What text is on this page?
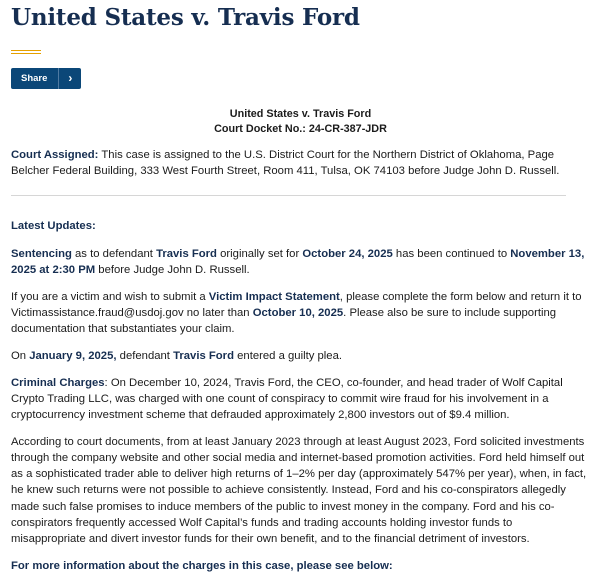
United States v. Travis Ford
Share	›
United States v. Travis Ford
Court Docket No.: 24-CR-387-JDR

Court Assigned: This case is assigned to the U.S. District Court for the Northern District of Oklahoma, Page Belcher Federal Building, 333 West Fourth Street, Room 411, Tulsa, OK 74103 before Judge John D. Russell.

Latest Updates:

Sentencing as to defendant Travis Ford originally set for October 24, 2025 has been continued to November 13, 2025 at 2:30 PM before Judge John D. Russell.

If you are a victim and wish to submit a Victim Impact Statement, please complete the form below and return it to Victimassistance.fraud@usdoj.gov no later than October 10, 2025. Please also be sure to include supporting documentation that substantiates your claim.

On January 9, 2025, defendant Travis Ford entered a guilty plea.

Criminal Charges: On December 10, 2024, Travis Ford, the CEO, co-founder, and head trader of Wolf Capital Crypto Trading LLC, was charged with one count of conspiracy to commit wire fraud for his involvement in a cryptocurrency investment scheme that defrauded approximately 2,800 investors out of $9.4 million.

According to court documents, from at least January 2023 through at least August 2023, Ford solicited investments through the company website and other social media and internet-based promotion activities. Ford held himself out as a sophisticated trader able to deliver high returns of 1–2% per day (approximately 547% per year), when, in fact, he knew such returns were not possible to achieve consistently. Instead, Ford and his co-conspirators allegedly made such false promises to induce members of the public to invest money in the company. Ford and his co-conspirators frequently accessed Wolf Capital’s funds and trading accounts holding investor funds to misappropriate and divert investor funds for their own benefit, and to the financial detriment of investors.

For more information about the charges in this case, please see below:
